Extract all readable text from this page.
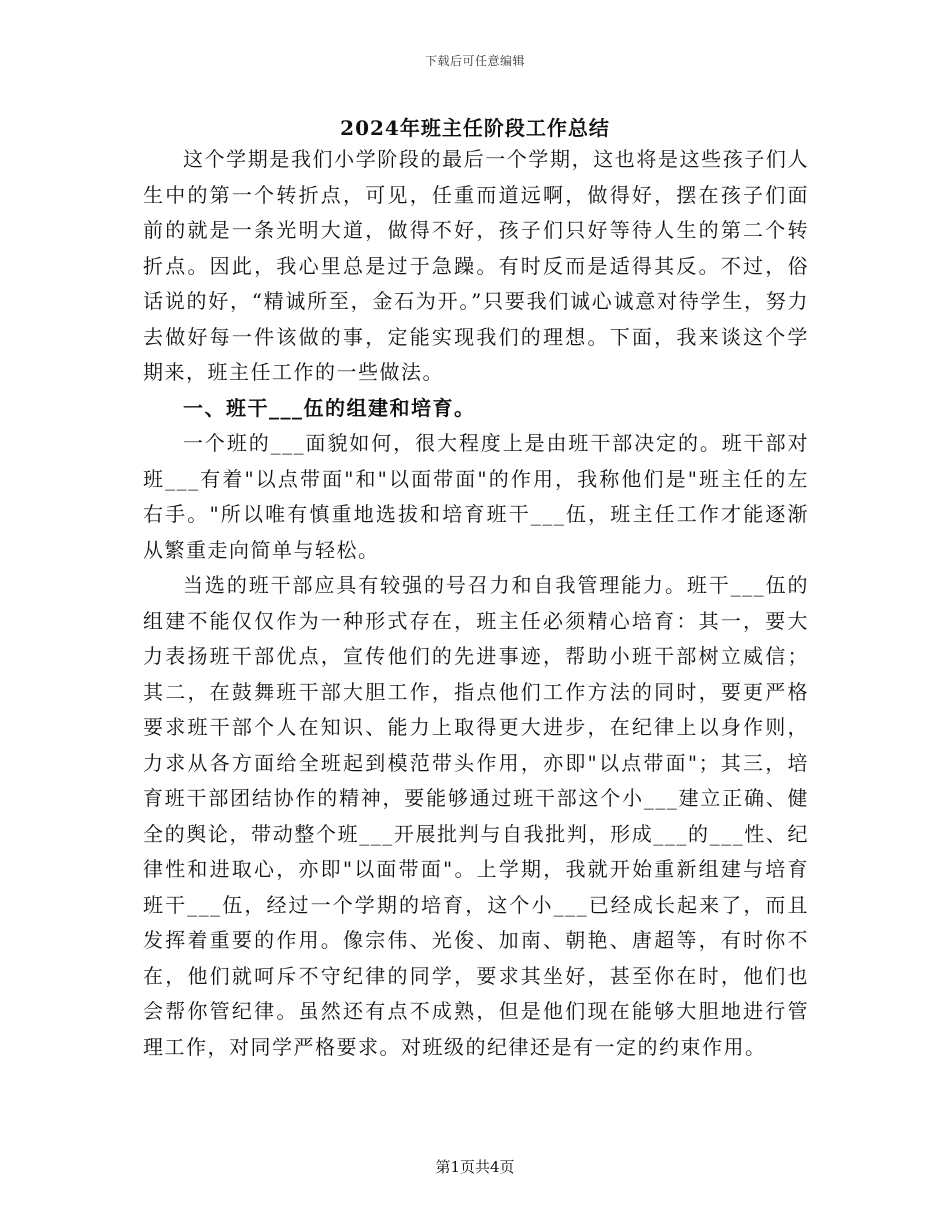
下载后可任意编辑
2024年班主任阶段工作总结

这个学期是我们小学阶段的最后一个学期，这也将是这些孩子们人生中的第一个转折点，可见，任重而道远啊，做得好，摆在孩子们面前的就是一条光明大道，做得不好，孩子们只好等待人生的第二个转折点。因此，我心里总是过于急躁。有时反而是适得其反。不过，俗话说的好，“精诚所至，金石为开。”只要我们诚心诚意对待学生，努力去做好每一件该做的事，定能实现我们的理想。下面，我来谈这个学期来，班主任工作的一些做法。

一、班干___伍的组建和培育。

一个班的___面貌如何，很大程度上是由班干部决定的。班干部对班___有着"以点带面"和"以面带面"的作用，我称他们是"班主任的左右手。"所以唯有慎重地选拔和培育班干___伍，班主任工作才能逐渐从繁重走向简单与轻松。

当选的班干部应具有较强的号召力和自我管理能力。班干___伍的组建不能仅仅作为一种形式存在，班主任必须精心培育：其一，要大力表扬班干部优点，宣传他们的先进事迹，帮助小班干部树立威信；其二，在鼓舞班干部大胆工作，指点他们工作方法的同时，要更严格要求班干部个人在知识、能力上取得更大进步，在纪律上以身作则，力求从各方面给全班起到模范带头作用，亦即"以点带面"；其三，培育班干部团结协作的精神，要能够通过班干部这个小___建立正确、健全的舆论，带动整个班___开展批判与自我批判，形成___的___性、纪律性和进取心，亦即"以面带面"。上学期，我就开始重新组建与培育班干___伍，经过一个学期的培育，这个小___已经成长起来了，而且发挥着重要的作用。像宗伟、光俊、加南、朝艳、唐超等，有时你不在，他们就呵斥不守纪律的同学，要求其坐好，甚至你在时，他们也会帮你管纪律。虽然还有点不成熟，但是他们现在能够大胆地进行管理工作，对同学严格要求。对班级的纪律还是有一定的约束作用。

第1页共4页
